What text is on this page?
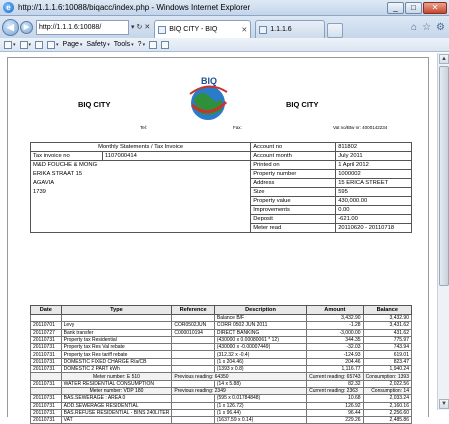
e http://1.1.1.6:10088/biqacc/index.php - Windows Internet Explorer	_	□	✕
◀	▶	http://1.1.1.6:10088/	▾ ↻ ✕	BIQ CITY - BIQ	✕	1.1.1.6	⌂ ☆ ⚙
▾	▾	▾ Page ▾ Safety ▾ Tools ▾ ? ▾
BIQ CITY
BIQ
BIQ CITY
Tel:	Fax:	Vat no/Btw nr: 4000142234
Monthly Statements / Tax Invoice		Account no	811802
Tax invoice no	1107000414	Account month	July 2011

M&D FOUCHE & MONG
ERIKA STRAAT 15
AGAVIA
1739		Printed on	1 April 2012
		Property number	1000002
		Address	15 ERICA STREET
		Size	595
		Property value	430,000.00
		Improvements	0.00
		Deposit	-621.00
		Meter read	20110620 - 20110718
Date	Type	Reference	Description	Amount	Balance
			Balance B/F	3,432.90	3,432.90
20110701	Levy	COR0502JUN	CORR 0502 JUN 2011	-1.28	3,431.62
20110727	Bank transfer	C000010194	DIRECT BANKING	-3,000.00	431.62
20110731	Property tax Residential		(430000 x 0.00080061 * 12)	344.35	775.97
20110731	Property tax Res Val rebate		(430000 x -0.00007449)	-32.03	743.94
20110731	Property tax Res tariff rebate		(312.32 x -0.4)	-124.93	619.01
20110731	DOMESTIC FIXED CHARGE R/a/CB		(1 x 204.46)	204.46	823.47
20110731	DOMESTIC 2 PART kWh		(1393 x 0.8)	1,116.77	1,940.24
	Meter number: E 510	Previous reading: 64350		Current reading: 65743	Consumption: 1393
20110731	WATER RESIDENTIAL CONSUMPTION		(14 x 5.88)	82.32	2,022.56
	Meter number: VDP 180	Previous reading: 2349		Current reading: 2363	Consumption: 14
20110731	BAS.SEWERAGE : AREA 0		(595 x 0.01784848)	10.68	2,033.24
20110731	ADD.SEWERAGE RESIDENTIAL		(1 x 126.72)	126.92	2,160.16
20110731	BAS.REFUSE RESIDENTIAL - BINS 240LITER		(1 x 96.44)	96.44	2,256.60
20110731	VAT		(1637.59 x 0.14)	229.26	2,485.86
▲
▼
